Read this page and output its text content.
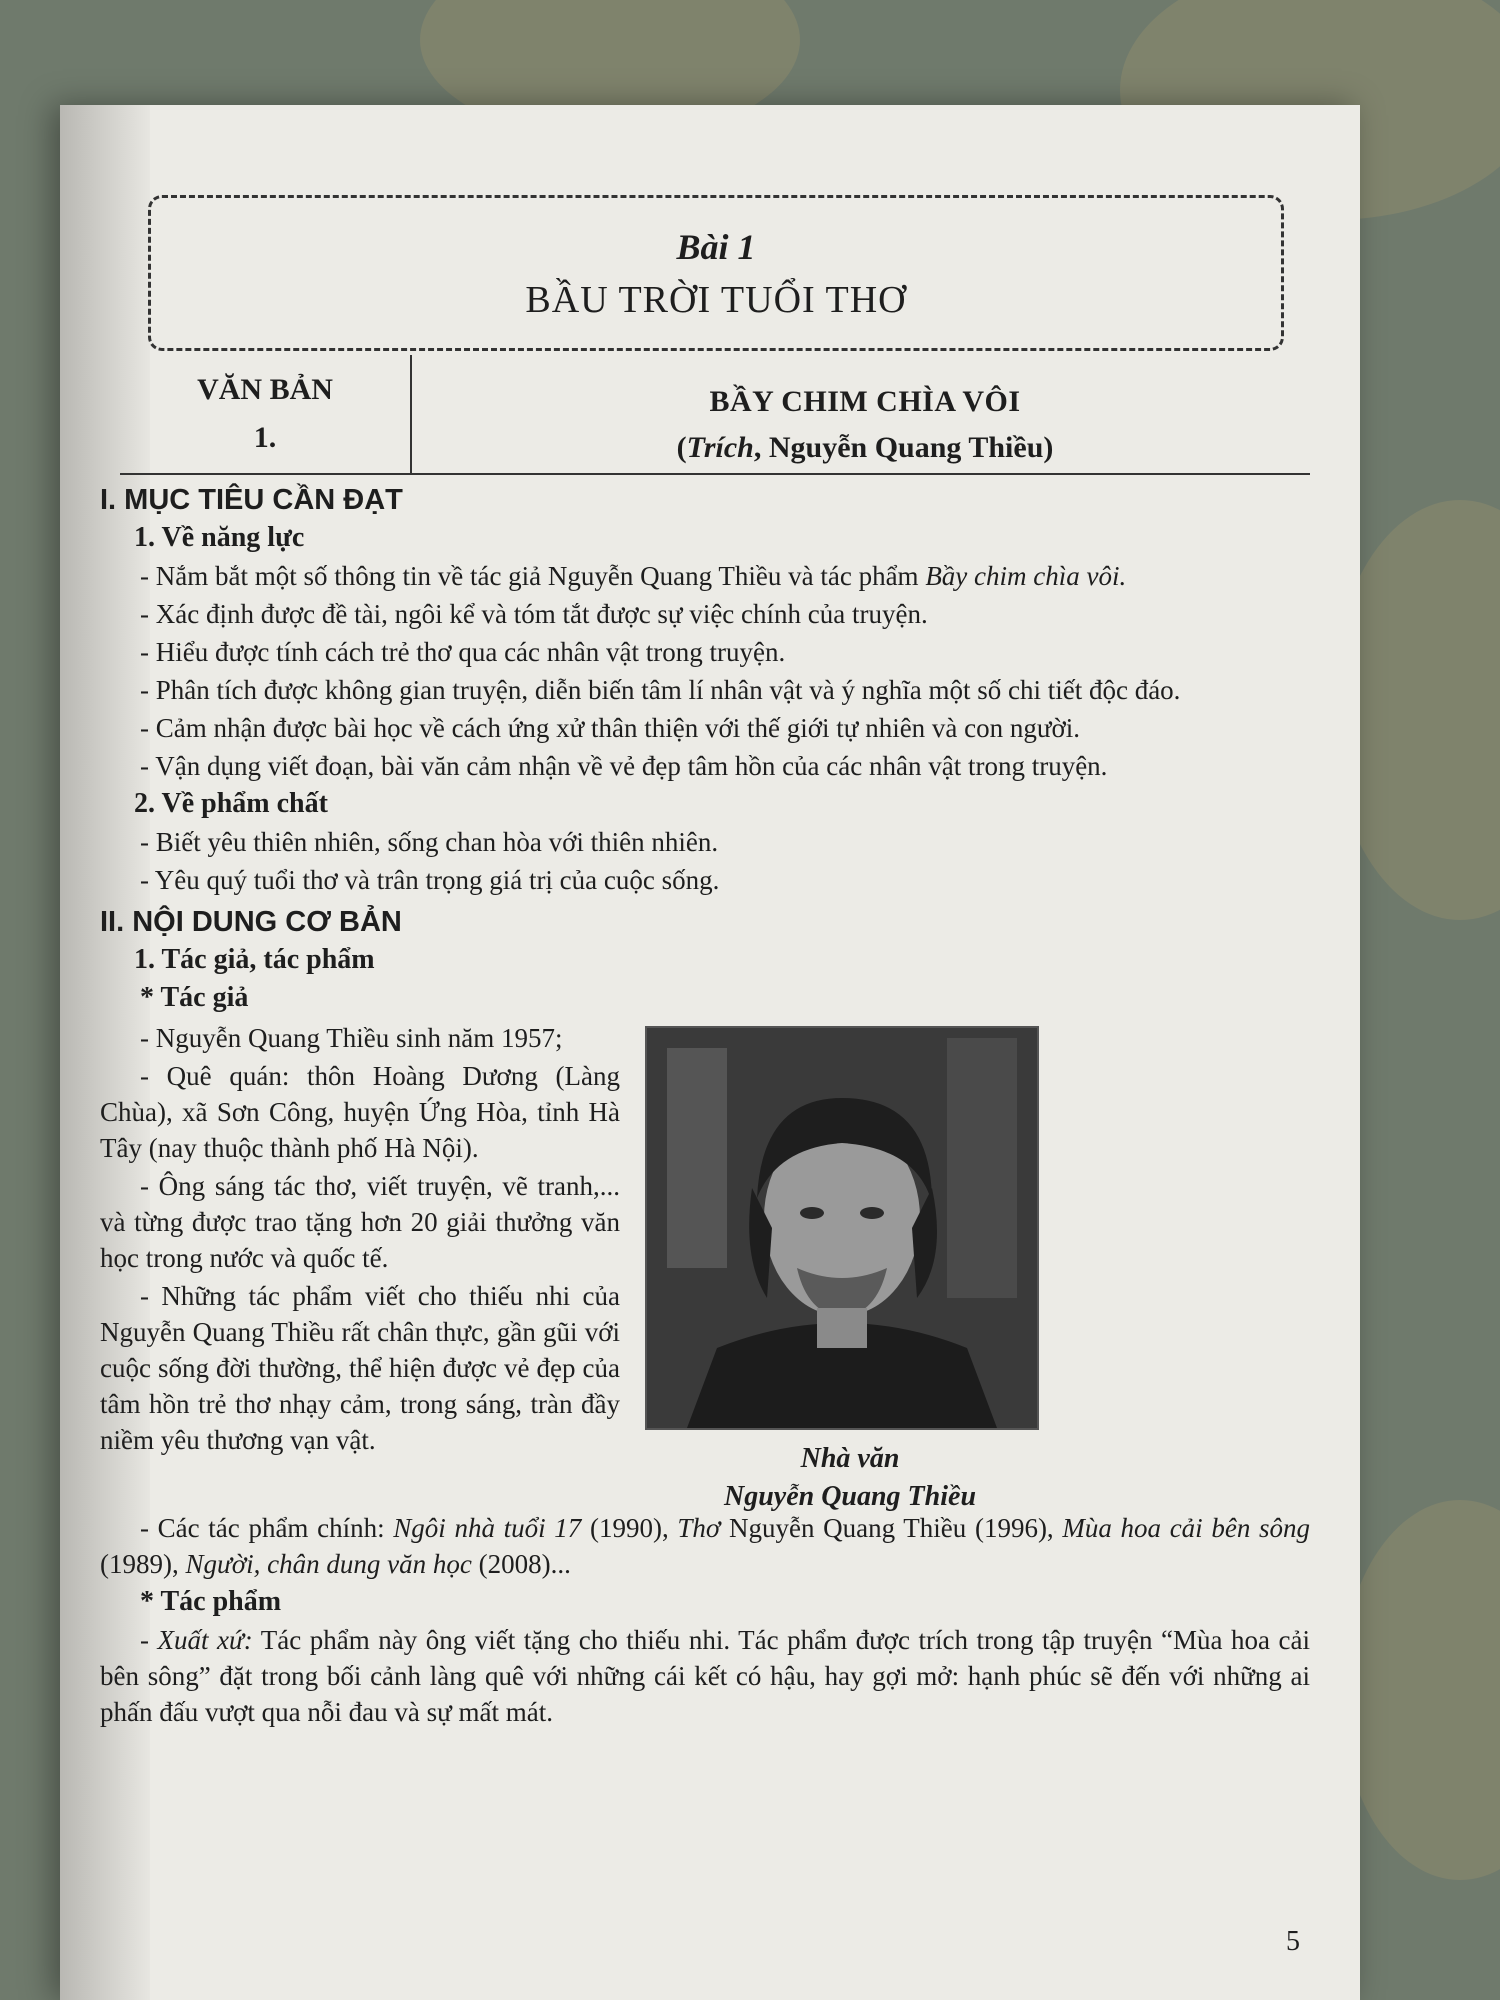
Bài 1
BẦU TRỜI TUỔI THƠ
VĂN BẢN
1.
BẦY CHIM CHÌA VÔI
(Trích, Nguyễn Quang Thiều)
I. MỤC TIÊU CẦN ĐẠT
1. Về năng lực
- Nắm bắt một số thông tin về tác giả Nguyễn Quang Thiều và tác phẩm Bầy chim chìa vôi.
- Xác định được đề tài, ngôi kể và tóm tắt được sự việc chính của truyện.
- Hiểu được tính cách trẻ thơ qua các nhân vật trong truyện.
- Phân tích được không gian truyện, diễn biến tâm lí nhân vật và ý nghĩa một số chi tiết độc đáo.
- Cảm nhận được bài học về cách ứng xử thân thiện với thế giới tự nhiên và con người.
- Vận dụng viết đoạn, bài văn cảm nhận về vẻ đẹp tâm hồn của các nhân vật trong truyện.
2. Về phẩm chất
- Biết yêu thiên nhiên, sống chan hòa với thiên nhiên.
- Yêu quý tuổi thơ và trân trọng giá trị của cuộc sống.
II. NỘI DUNG CƠ BẢN
1. Tác giả, tác phẩm
* Tác giả
- Nguyễn Quang Thiều sinh năm 1957;
- Quê quán: thôn Hoàng Dương (Làng Chùa), xã Sơn Công, huyện Ứng Hòa, tỉnh Hà Tây (nay thuộc thành phố Hà Nội).
- Ông sáng tác thơ, viết truyện, vẽ tranh,... và từng được trao tặng hơn 20 giải thưởng văn học trong nước và quốc tế.
- Những tác phẩm viết cho thiếu nhi của Nguyễn Quang Thiều rất chân thực, gần gũi với cuộc sống đời thường, thể hiện được vẻ đẹp của tâm hồn trẻ thơ nhạy cảm, trong sáng, tràn đầy niềm yêu thương vạn vật.
Nhà văn
Nguyễn Quang Thiều
- Các tác phẩm chính: Ngôi nhà tuổi 17 (1990), Thơ Nguyễn Quang Thiều (1996), Mùa hoa cải bên sông (1989), Người, chân dung văn học (2008)...
* Tác phẩm
- Xuất xứ: Tác phẩm này ông viết tặng cho thiếu nhi. Tác phẩm được trích trong tập truyện “Mùa hoa cải bên sông” đặt trong bối cảnh làng quê với những cái kết có hậu, hay gợi mở: hạnh phúc sẽ đến với những ai phấn đấu vượt qua nỗi đau và sự mất mát.
5
